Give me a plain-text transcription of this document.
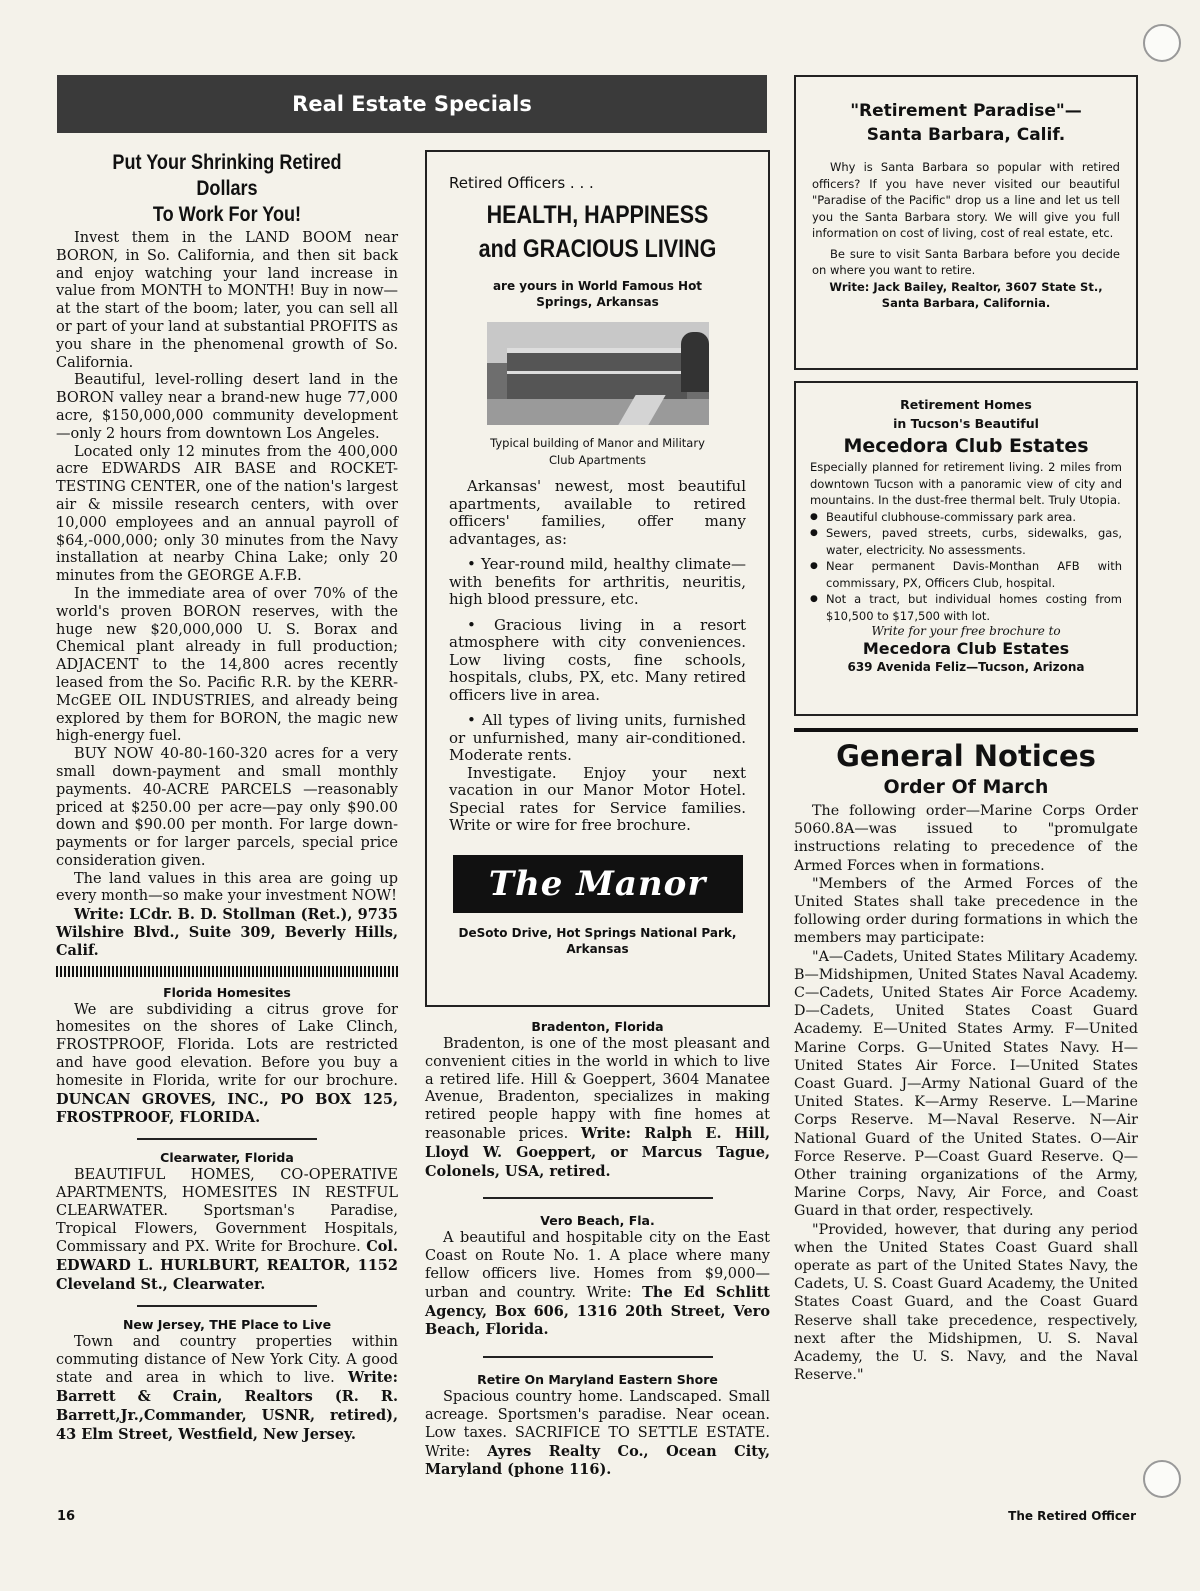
Real Estate Specials
Put Your Shrinking Retired Dollars
To Work For You!

Invest them in the LAND BOOM near BORON, in So. California, and then sit back and enjoy watching your land increase in value from MONTH to MONTH! Buy in now—at the start of the boom; later, you can sell all or part of your land at substantial PROFITS as you share in the phenomenal growth of So. California.

Beautiful, level-rolling desert land in the BORON valley near a brand-new huge 77,000 acre, $150,000,000 community development—only 2 hours from downtown Los Angeles.

Located only 12 minutes from the 400,000 acre EDWARDS AIR BASE and ROCKET-TESTING CENTER, one of the nation's largest air & missile research centers, with over 10,000 employees and an annual payroll of $64,-000,000; only 30 minutes from the Navy installation at nearby China Lake; only 20 minutes from the GEORGE A.F.B.

In the immediate area of over 70% of the world's proven BORON reserves, with the huge new $20,000,000 U. S. Borax and Chemical plant already in full production; ADJACENT to the 14,800 acres recently leased from the So. Pacific R.R. by the KERR-McGEE OIL INDUSTRIES, and already being explored by them for BORON, the magic new high-energy fuel.

BUY NOW 40-80-160-320 acres for a very small down-payment and small monthly payments. 40-ACRE PARCELS —reasonably priced at $250.00 per acre—pay only $90.00 down and $90.00 per month. For large down-payments or for larger parcels, special price consideration given.

The land values in this area are going up every month—so make your investment NOW!

Write: LCdr. B. D. Stollman (Ret.), 9735 Wilshire Blvd., Suite 309, Beverly Hills, Calif.

Florida Homesites

We are subdividing a citrus grove for homesites on the shores of Lake Clinch, FROSTPROOF, Florida. Lots are restricted and have good elevation. Before you buy a homesite in Florida, write for our brochure. DUNCAN GROVES, INC., PO BOX 125, FROSTPROOF, FLORIDA.

Clearwater, Florida

BEAUTIFUL HOMES, CO-OPERATIVE APARTMENTS, HOMESITES IN RESTFUL CLEARWATER. Sportsman's Paradise, Tropical Flowers, Government Hospitals, Commissary and PX. Write for Brochure. Col. EDWARD L. HURLBURT, REALTOR, 1152 Cleveland St., Clearwater.

New Jersey, THE Place to Live

Town and country properties within commuting distance of New York City. A good state and area in which to live. Write: Barrett & Crain, Realtors (R. R. Barrett,Jr.,Commander, USNR, retired), 43 Elm Street, Westfield, New Jersey.

Retired Officers . . .
HEALTH, HAPPINESS
and GRACIOUS LIVING
are yours in World Famous Hot Springs, Arkansas
Typical building of Manor and Military Club Apartments

Arkansas' newest, most beautiful apartments, available to retired officers' families, offer many advantages, as:

• Year-round mild, healthy climate—with benefits for arthritis, neuritis, high blood pressure, etc.

• Gracious living in a resort atmosphere with city conveniences. Low living costs, fine schools, hospitals, clubs, PX, etc. Many retired officers live in area.

• All types of living units, furnished or unfurnished, many air-conditioned. Moderate rents.

Investigate. Enjoy your next vacation in our Manor Motor Hotel. Special rates for Service families. Write or wire for free brochure.

The Manor
DeSoto Drive, Hot Springs National Park, Arkansas
Bradenton, Florida

Bradenton, is one of the most pleasant and convenient cities in the world in which to live a retired life. Hill & Goeppert, 3604 Manatee Avenue, Bradenton, specializes in making retired people happy with fine homes at reasonable prices. Write: Ralph E. Hill, Lloyd W. Goeppert, or Marcus Tague, Colonels, USA, retired.

Vero Beach, Fla.

A beautiful and hospitable city on the East Coast on Route No. 1. A place where many fellow officers live. Homes from $9,000—urban and country. Write: The Ed Schlitt Agency, Box 606, 1316 20th Street, Vero Beach, Florida.

Retire On Maryland Eastern Shore

Spacious country home. Landscaped. Small acreage. Sportsmen's paradise. Near ocean. Low taxes. SACRIFICE TO SETTLE ESTATE. Write: Ayres Realty Co., Ocean City, Maryland (phone 116).

"Retirement Paradise"—
Santa Barbara, Calif.

Why is Santa Barbara so popular with retired officers? If you have never visited our beautiful "Paradise of the Pacific" drop us a line and let us tell you the Santa Barbara story. We will give you full information on cost of living, cost of real estate, etc.

Be sure to visit Santa Barbara before you decide on where you want to retire.

Write: Jack Bailey, Realtor, 3607 State St., Santa Barbara, California.

Retirement Homes
in Tucson's Beautiful
Mecedora Club Estates

Especially planned for retirement living. 2 miles from downtown Tucson with a panoramic view of city and mountains. In the dust-free thermal belt. Truly Utopia.

● Beautiful clubhouse-commissary park area.
● Sewers, paved streets, curbs, sidewalks, gas, water, electricity. No assessments.
● Near permanent Davis-Monthan AFB with commissary, PX, Officers Club, hospital.
● Not a tract, but individual homes costing from $10,500 to $17,500 with lot.
Write for your free brochure to
Mecedora Club Estates
639 Avenida Feliz—Tucson, Arizona
General Notices
Order Of March

The following order—Marine Corps Order 5060.8A—was issued to "promulgate instructions relating to precedence of the Armed Forces when in formations.

"Members of the Armed Forces of the United States shall take precedence in the following order during formations in which the members may participate:

"A—Cadets, United States Military Academy. B—Midshipmen, United States Naval Academy. C—Cadets, United States Air Force Academy. D—Cadets, United States Coast Guard Academy. E—United States Army. F—United Marine Corps. G—United States Navy. H—United States Air Force. I—United States Coast Guard. J—Army National Guard of the United States. K—Army Reserve. L—Marine Corps Reserve. M—Naval Reserve. N—Air National Guard of the United States. O—Air Force Reserve. P—Coast Guard Reserve. Q—Other training organizations of the Army, Marine Corps, Navy, Air Force, and Coast Guard in that order, respectively.

"Provided, however, that during any period when the United States Coast Guard shall operate as part of the United States Navy, the Cadets, U. S. Coast Guard Academy, the United States Coast Guard, and the Coast Guard Reserve shall take precedence, respectively, next after the Midshipmen, U. S. Naval Academy, the U. S. Navy, and the Naval Reserve."

16	The Retired Officer
